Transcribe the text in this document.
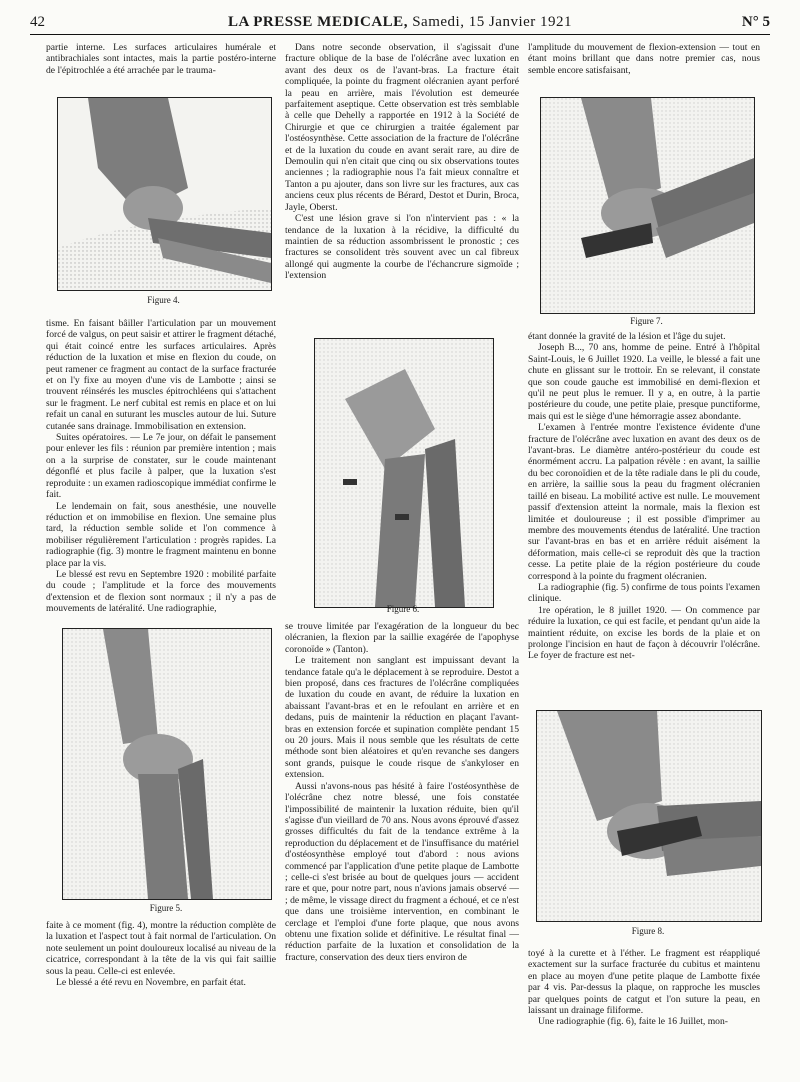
42	LA PRESSE MEDICALE, Samedi, 15 Janvier 1921	N° 5

partie interne. Les surfaces articulaires humérale et antibrachiales sont intactes, mais la partie postéro-interne de l'épitrochlée a été arrachée par le trauma-

Figure 4.

tisme. En faisant bâiller l'articulation par un mouvement forcé de valgus, on peut saisir et attirer le fragment détaché, qui était coincé entre les surfaces articulaires. Après réduction de la luxation et mise en flexion du coude, on peut ramener ce fragment au contact de la surface fracturée et on l'y fixe au moyen d'une vis de Lambotte ; ainsi se trouvent réinsérés les muscles épitrochléens qui s'attachent sur le fragment. Le nerf cubital est remis en place et on lui refait un canal en suturant les muscles autour de lui. Suture cutanée sans drainage. Immobilisation en extension.

Suites opératoires. — Le 7e jour, on défait le pansement pour enlever les fils : réunion par première intention ; mais on a la surprise de constater, sur le coude maintenant dégonflé et plus facile à palper, que la luxation s'est reproduite : un examen radioscopique immédiat confirme le fait.

Le lendemain on fait, sous anesthésie, une nouvelle réduction et on immobilise en flexion. Une semaine plus tard, la réduction semble solide et l'on commence à mobiliser régulièrement l'articulation : progrès rapides. La radiographie (fig. 3) montre le fragment maintenu en bonne place par la vis.

Le blessé est revu en Septembre 1920 : mobilité parfaite du coude ; l'amplitude et la force des mouvements d'extension et de flexion sont normaux ; il n'y a pas de mouvements de latéralité. Une radiographie,

Figure 5.

faite à ce moment (fig. 4), montre la réduction complète de la luxation et l'aspect tout à fait normal de l'articulation. On note seulement un point douloureux localisé au niveau de la cicatrice, correspondant à la tête de la vis qui fait saillie sous la peau. Celle-ci est enlevée.

Le blessé a été revu en Novembre, en parfait état.

Dans notre seconde observation, il s'agissait d'une fracture oblique de la base de l'olécrâne avec luxation en avant des deux os de l'avant-bras. La fracture était compliquée, la pointe du fragment olécranien ayant perforé la peau en arrière, mais l'évolution est demeurée parfaitement aseptique. Cette observation est très semblable à celle que Dehelly a rapportée en 1912 à la Société de Chirurgie et que ce chirurgien a traitée également par l'ostéosynthèse. Cette association de la fracture de l'olécrâne et de la luxation du coude en avant serait rare, au dire de Demoulin qui n'en citait que cinq ou six observations toutes anciennes ; la radiographie nous l'a fait mieux connaître et Tanton a pu ajouter, dans son livre sur les fractures, aux cas anciens ceux plus récents de Bérard, Destot et Durin, Broca, Jayle, Oberst.

C'est une lésion grave si l'on n'intervient pas : « la tendance de la luxation à la récidive, la difficulté du maintien de sa réduction assombrissent le pronostic ; ces fractures se consolident très souvent avec un cal fibreux allongé qui augmente la courbe de l'échancrure sigmoïde ; l'extension

Figure 6.

se trouve limitée par l'exagération de la longueur du bec olécranien, la flexion par la saillie exagérée de l'apophyse coronoïde » (Tanton).

Le traitement non sanglant est impuissant devant la tendance fatale qu'a le déplacement à se reproduire. Destot a bien proposé, dans ces fractures de l'olécrâne compliquées de luxation du coude en avant, de réduire la luxation en abaissant l'avant-bras et en le refoulant en arrière et en dedans, puis de maintenir la réduction en plaçant l'avant-bras en extension forcée et supination complète pendant 15 ou 20 jours. Mais il nous semble que les résultats de cette méthode sont bien aléatoires et qu'en revanche ses dangers sont grands, puisque le coude risque de s'ankyloser en extension.

Aussi n'avons-nous pas hésité à faire l'ostéosynthèse de l'olécrâne chez notre blessé, une fois constatée l'impossibilité de maintenir la luxation réduite, bien qu'il s'agisse d'un vieillard de 70 ans. Nous avons éprouvé d'assez grosses difficultés du fait de la tendance extrême à la reproduction du déplacement et de l'insuffisance du matériel d'ostéosynthèse employé tout d'abord : nous avions commencé par l'application d'une petite plaque de Lambotte ; celle-ci s'est brisée au bout de quelques jours — accident rare et que, pour notre part, nous n'avions jamais observé — ; de même, le vissage direct du fragment a échoué, et ce n'est que dans une troisième intervention, en combinant le cerclage et l'emploi d'une forte plaque, que nous avons obtenu une fixation solide et définitive. Le résultat final — réduction parfaite de la luxation et consolidation de la fracture, conservation des deux tiers environ de

l'amplitude du mouvement de flexion-extension — tout en étant moins brillant que dans notre premier cas, nous semble encore satisfaisant,

Figure 7.

étant donnée la gravité de la lésion et l'âge du sujet.

Joseph B..., 70 ans, homme de peine. Entré à l'hôpital Saint-Louis, le 6 Juillet 1920. La veille, le blessé a fait une chute en glissant sur le trottoir. En se relevant, il constate que son coude gauche est immobilisé en demi-flexion et qu'il ne peut plus le remuer. Il y a, en outre, à la partie postérieure du coude, une petite plaie, presque punctiforme, mais qui est le siège d'une hémorragie assez abondante.

L'examen à l'entrée montre l'existence évidente d'une fracture de l'olécrâne avec luxation en avant des deux os de l'avant-bras. Le diamètre antéro-postérieur du coude est énormément accru. La palpation révèle : en avant, la saillie du bec coronoïdien et de la tête radiale dans le pli du coude, en arrière, la saillie sous la peau du fragment olécranien taillé en biseau. La mobilité active est nulle. Le mouvement passif d'extension atteint la normale, mais la flexion est limitée et douloureuse ; il est possible d'imprimer au membre des mouvements étendus de latéralité. Une traction sur l'avant-bras en bas et en arrière réduit aisément la déformation, mais celle-ci se reproduit dès que la traction cesse. La petite plaie de la région postérieure du coude correspond à la pointe du fragment olécranien.

La radiographie (fig. 5) confirme de tous points l'examen clinique.

1re opération, le 8 juillet 1920. — On commence par réduire la luxation, ce qui est facile, et pendant qu'un aide la maintient réduite, on excise les bords de la plaie et on prolonge l'incision en haut de façon à découvrir l'olécrâne. Le foyer de fracture est net-

Figure 8.

toyé à la curette et à l'éther. Le fragment est réappliqué exactement sur la surface fracturée du cubitus et maintenu en place au moyen d'une petite plaque de Lambotte fixée par 4 vis. Par-dessus la plaque, on rapproche les muscles par quelques points de catgut et l'on suture la peau, en laissant un drainage filiforme.

Une radiographie (fig. 6), faite le 16 Juillet, mon-
